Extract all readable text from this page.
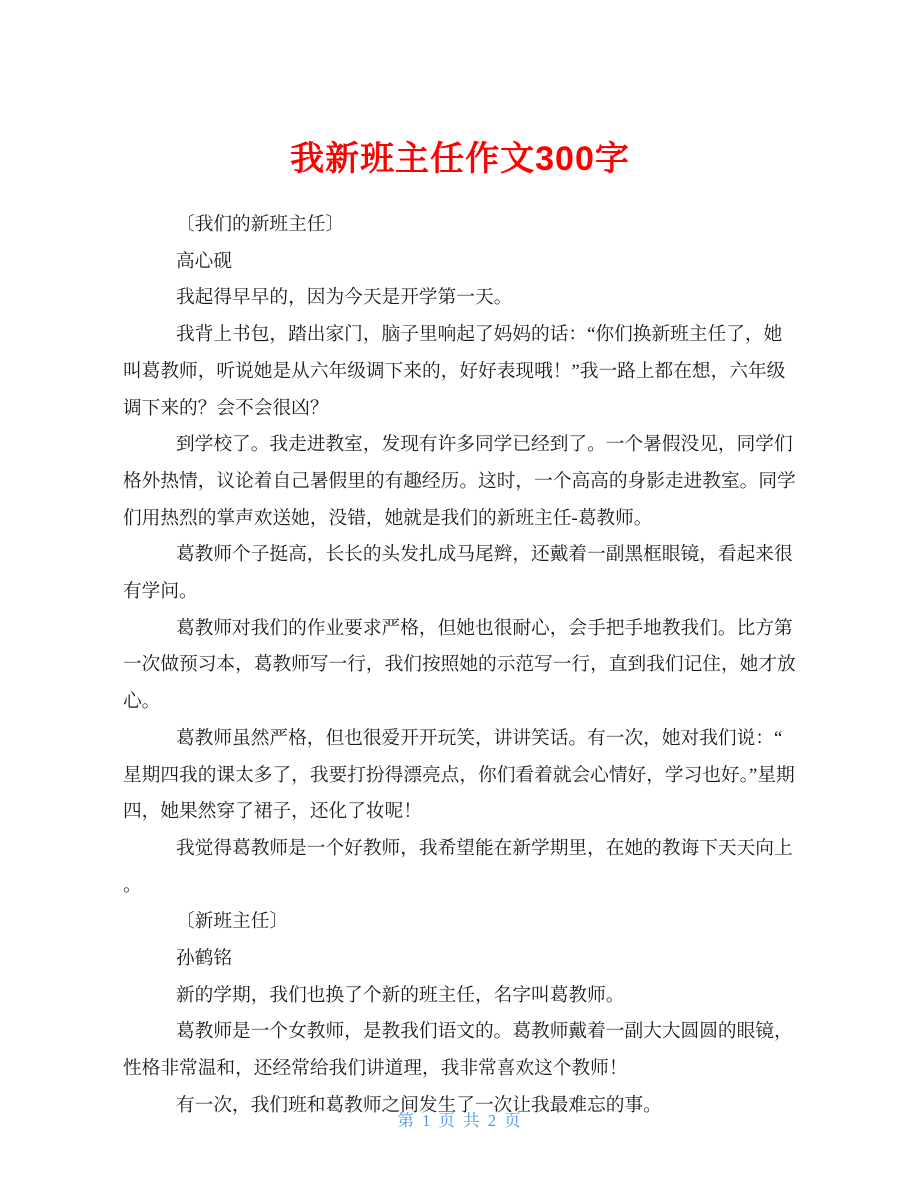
我新班主任作文300字

〔我们的新班主任〕

高心砚

我起得早早的，因为今天是开学第一天。

我背上书包，踏出家门，脑子里响起了妈妈的话：“你们换新班主任了，她叫葛教师，听说她是从六年级调下来的，好好表现哦！”我一路上都在想，六年级调下来的？会不会很凶？

到学校了。我走进教室，发现有许多同学已经到了。一个暑假没见，同学们格外热情，议论着自己暑假里的有趣经历。这时，一个高高的身影走进教室。同学们用热烈的掌声欢送她，没错，她就是我们的新班主任-葛教师。

葛教师个子挺高，长长的头发扎成马尾辫，还戴着一副黑框眼镜，看起来很有学问。

葛教师对我们的作业要求严格，但她也很耐心，会手把手地教我们。比方第一次做预习本，葛教师写一行，我们按照她的示范写一行，直到我们记住，她才放心。

葛教师虽然严格，但也很爱开开玩笑，讲讲笑话。有一次，她对我们说：“星期四我的课太多了，我要打扮得漂亮点，你们看着就会心情好，学习也好。”星期四，她果然穿了裙子，还化了妆呢！

我觉得葛教师是一个好教师，我希望能在新学期里，在她的教诲下天天向上。

〔新班主任〕

孙鹤铭

新的学期，我们也换了个新的班主任，名字叫葛教师。

葛教师是一个女教师，是教我们语文的。葛教师戴着一副大大圆圆的眼镜，性格非常温和，还经常给我们讲道理，我非常喜欢这个教师！

有一次，我们班和葛教师之间发生了一次让我最难忘的事。

第 1 页 共 2 页
